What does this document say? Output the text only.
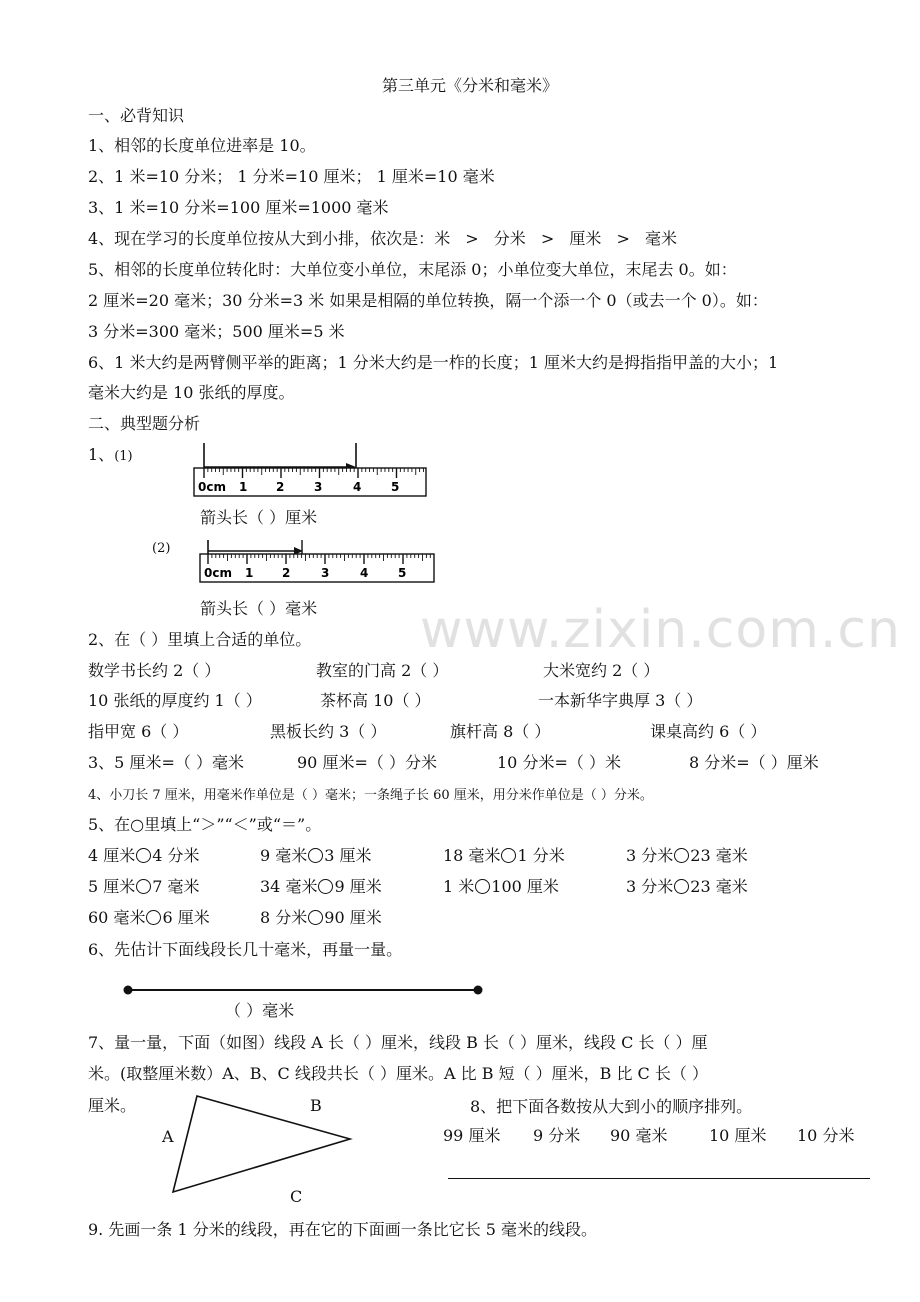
第三单元《分米和毫米》
一、必背知识
1、相邻的长度单位进率是 10。
2、1 米=10 分米； 1 分米=10 厘米； 1 厘米=10 毫米
3、1 米=10 分米=100 厘米=1000 毫米
4、现在学习的长度单位按从大到小排，依次是：米 > 分米 > 厘米 > 毫米
5、相邻的长度单位转化时：大单位变小单位，末尾添 0；小单位变大单位，末尾去 0。如：
2 厘米=20 毫米；30 分米=3 米 如果是相隔的单位转换，隔一个添一个 0（或去一个 0）。如：
3 分米=300 毫米；500 厘米=5 米
6、1 米大约是两臂侧平举的距离；1 分米大约是一柞的长度；1 厘米大约是拇指指甲盖的大小；1
毫米大约是 10 张纸的厚度。
二、典型题分析
1、(1)
0cm 1 2 3	4 5
箭头长（ ）厘米
(2)
0cm 1 2	3	4 5
箭头长（ ）毫米 www.zixin.com.cn
2、在（ ）里填上合适的单位。
数学书长约 2（ ）	教室的门高 2（ ）	大米宽约 2（ ）
10 张纸的厚度约 1（ ）	茶杯高 10（ ）	一本新华字典厚 3（ ）
指甲宽 6（ ）	黑板长约 3（ ）	旗杆高 8（ ）	课桌高约 6（ ）
3、5 厘米=（ ）毫米	90 厘米=（ ）分米	10 分米=（ ）米	8 分米=（ ）厘米
4、小刀长 7 厘米，用毫米作单位是（ ）毫米；一条绳子长 60 厘米，用分米作单位是（ ）分米。
5、在○里填上“＞”“＜”或“＝”。
4 厘米 4 分米	9 毫米 3 厘米	18 毫米 1 分米	3 分米 23 毫米
5 厘米 7 毫米	34 毫米 9 厘米	1 米 100 厘米	3 分米 23 毫米
60 毫米 6 厘米	8 分米 90 厘米
6、先估计下面线段长几十毫米，再量一量。
（ ）毫米
7、量一量，下面（如图）线段 A 长（ ）厘米，线段 B 长（ ）厘米，线段 C 长（ ）厘
米。(取整厘米数）A、B、C 线段共长（ ）厘米。A 比 B 短（ ）厘米，B 比 C 长（ ）
厘米。
A
B
C
8、把下面各数按从大到小的顺序排列。
99 厘米 9 分米 90 毫米	10 厘米 10 分米
9. 先画一条 1 分米的线段，再在它的下面画一条比它长 5 毫米的线段。
